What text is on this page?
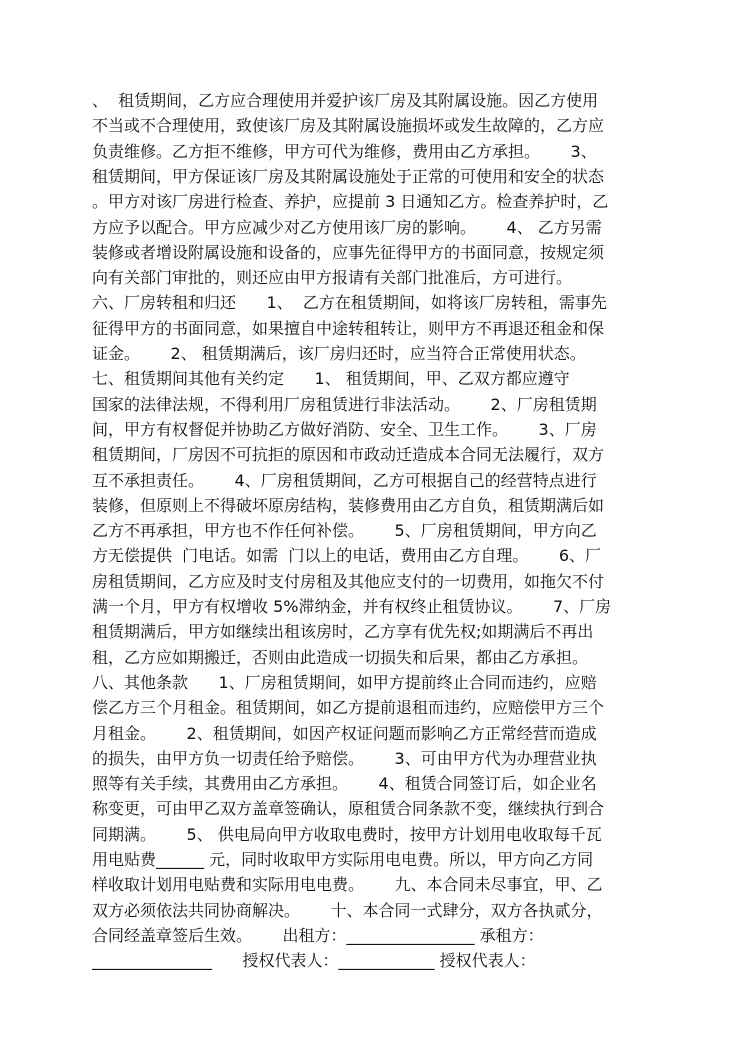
、  租赁期间，乙方应合理使用并爱护该厂房及其附属设施。因乙方使用
不当或不合理使用，致使该厂房及其附属设施损坏或发生故障的，乙方应
负责维修。乙方拒不维修，甲方可代为维修，费用由乙方承担。      3、
租赁期间，甲方保证该厂房及其附属设施处于正常的可使用和安全的状态
。甲方对该厂房进行检查、养护，应提前 3 日通知乙方。检查养护时，乙
方应予以配合。甲方应减少对乙方使用该厂房的影响。      4、 乙方另需
装修或者增设附属设施和设备的，应事先征得甲方的书面同意，按规定须
向有关部门审批的，则还应由甲方报请有关部门批准后，方可进行。
六、厂房转租和归还      1、  乙方在租赁期间，如将该厂房转租，需事先
征得甲方的书面同意，如果擅自中途转租转让，则甲方不再退还租金和保
证金。      2、 租赁期满后，该厂房归还时，应当符合正常使用状态。
七、租赁期间其他有关约定      1、 租赁期间，甲、乙双方都应遵守
国家的法律法规，不得利用厂房租赁进行非法活动。      2、厂房租赁期
间，甲方有权督促并协助乙方做好消防、安全、卫生工作。      3、厂房
租赁期间，厂房因不可抗拒的原因和市政动迁造成本合同无法履行，双方
互不承担责任。      4、厂房租赁期间，乙方可根据自己的经营特点进行
装修，但原则上不得破坏原房结构，装修费用由乙方自负，租赁期满后如
乙方不再承担，甲方也不作任何补偿。      5、厂房租赁期间，甲方向乙
方无偿提供  门电话。如需  门以上的电话，费用由乙方自理。      6、厂
房租赁期间，乙方应及时支付房租及其他应支付的一切费用，如拖欠不付
满一个月，甲方有权增收 5%滞纳金，并有权终止租赁协议。      7、厂房
租赁期满后，甲方如继续出租该房时，乙方享有优先权;如期满后不再出
租，乙方应如期搬迁，否则由此造成一切损失和后果，都由乙方承担。
八、其他条款      1、厂房租赁期间，如甲方提前终止合同而违约，应赔
偿乙方三个月租金。租赁期间，如乙方提前退租而违约，应赔偿甲方三个
月租金。      2、租赁期间，如因产权证问题而影响乙方正常经营而造成
的损失，由甲方负一切责任给予赔偿。      3、可由甲方代为办理营业执
照等有关手续，其费用由乙方承担。      4、租赁合同签订后，如企业名
称变更，可由甲乙双方盖章签确认，原租赁合同条款不变，继续执行到合
同期满。      5、 供电局向甲方收取电费时，按甲方计划用电收取每千瓦
用电贴费______ 元，同时收取甲方实际用电电费。所以，甲方向乙方同
样收取计划用电贴费和实际用电电费。      九、本合同未尽事宜，甲、乙
双方必须依法共同协商解决。      十、本合同一式肆分，双方各执贰分，
合同经盖章签后生效。      出租方：________________ 承租方：
_______________      授权代表人：____________ 授权代表人：
